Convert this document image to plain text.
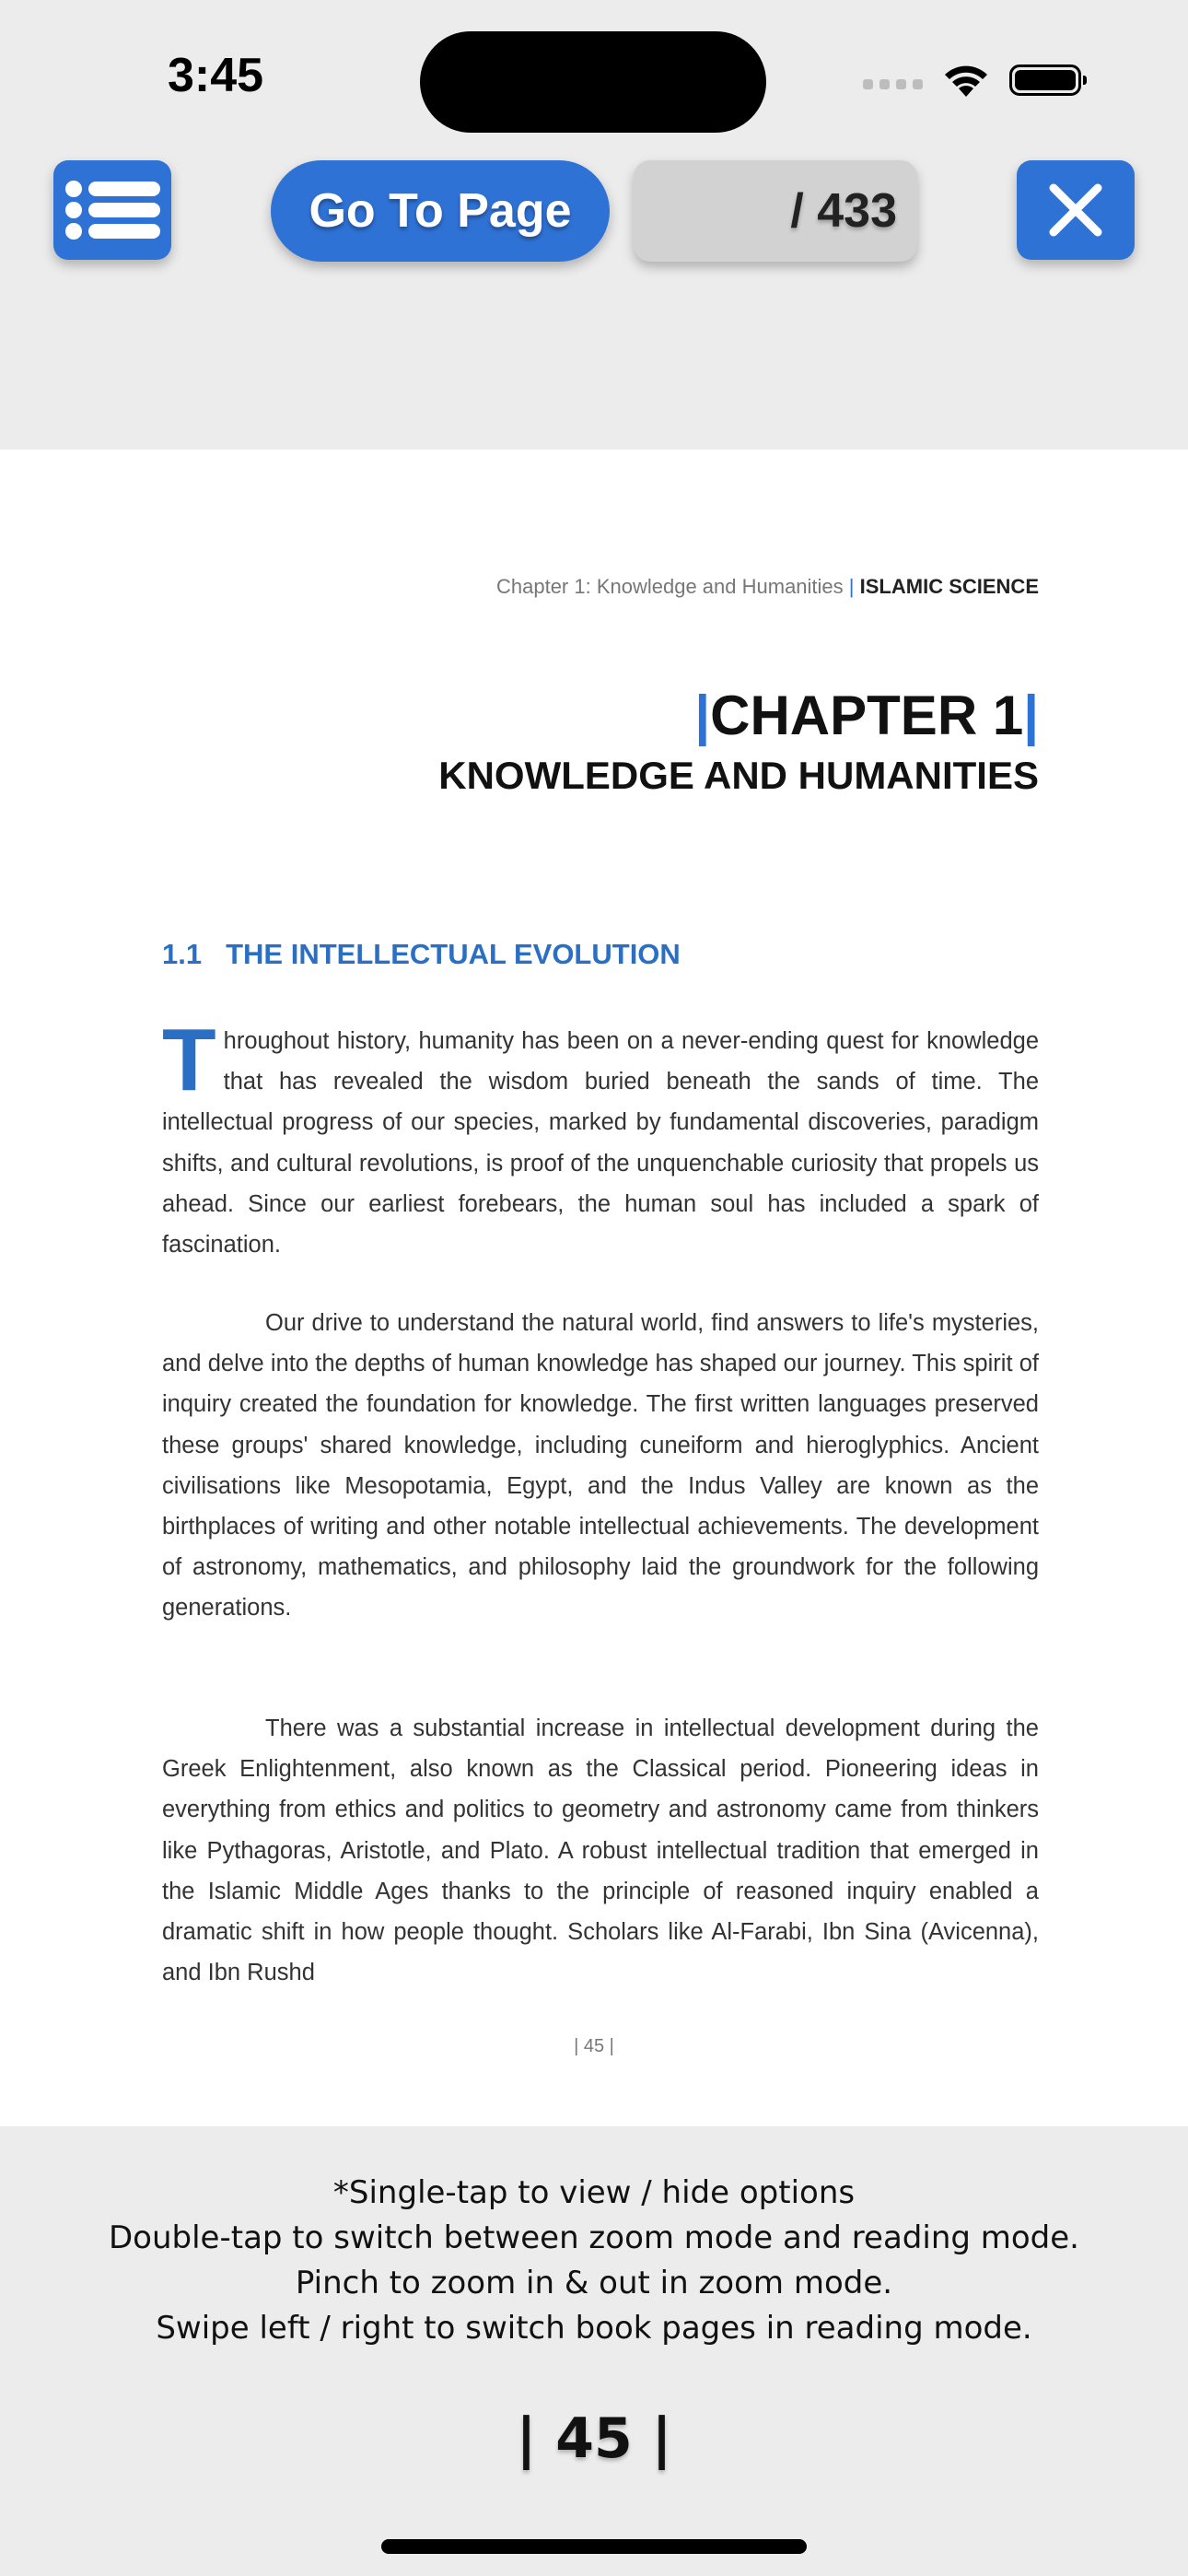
3:45
Go To Page	/ 433
Chapter 1: Knowledge and Humanities | ISLAMIC SCIENCE
|CHAPTER 1|
KNOWLEDGE AND HUMANITIES
1.1 THE INTELLECTUAL EVOLUTION

Throughout history, humanity has been on a never-ending quest for knowledge that has revealed the wisdom buried beneath the sands of time. The intellectual progress of our species, marked by fundamental discoveries, paradigm shifts, and cultural revolutions, is proof of the unquenchable curiosity that propels us ahead. Since our earliest forebears, the human soul has included a spark of fascination.

Our drive to understand the natural world, find answers to life's mysteries, and delve into the depths of human knowledge has shaped our journey. This spirit of inquiry created the foundation for knowledge. The first written languages preserved these groups' shared knowledge, including cuneiform and hieroglyphics. Ancient civilisations like Mesopotamia, Egypt, and the Indus Valley are known as the birthplaces of writing and other notable intellectual achievements. The development of astronomy, mathematics, and philosophy laid the groundwork for the following generations.

There was a substantial increase in intellectual development during the Greek Enlightenment, also known as the Classical period. Pioneering ideas in everything from ethics and politics to geometry and astronomy came from thinkers like Pythagoras, Aristotle, and Plato. A robust intellectual tradition that emerged in the Islamic Middle Ages thanks to the principle of reasoned inquiry enabled a dramatic shift in how people thought. Scholars like Al-Farabi, Ibn Sina (Avicenna), and Ibn Rushd

| 45 |
*Single-tap to view / hide options
Double-tap to switch between zoom mode and reading mode.
Pinch to zoom in & out in zoom mode.
Swipe left / right to switch book pages in reading mode.
| 45 |
